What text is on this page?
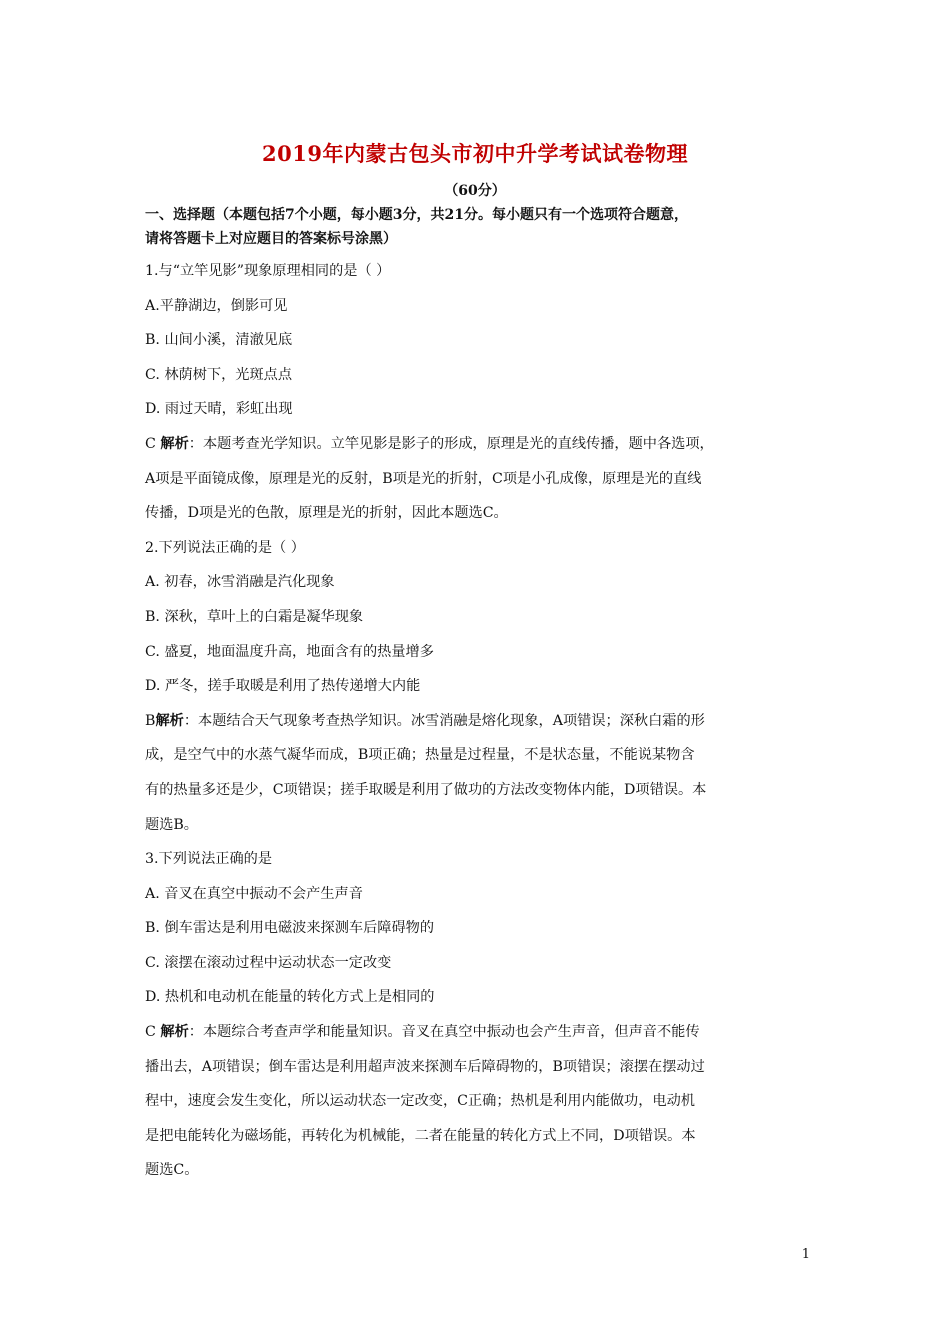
2019年内蒙古包头市初中升学考试试卷物理
（60分）
一、选择题（本题包括7个小题，每小题3分，共21分。每小题只有一个选项符合题意，
请将答题卡上对应题目的答案标号涂黑）
1.与“立竿见影”现象原理相同的是（ ）
A.平静湖边，倒影可见
B. 山间小溪，清澈见底
C. 林荫树下，光斑点点
D. 雨过天晴，彩虹出现
C 解析：本题考查光学知识。立竿见影是影子的形成，原理是光的直线传播，题中各选项，
A项是平面镜成像，原理是光的反射，B项是光的折射，C项是小孔成像，原理是光的直线
传播，D项是光的色散，原理是光的折射，因此本题选C。
2.下列说法正确的是（ ）
A. 初春，冰雪消融是汽化现象
B. 深秋，草叶上的白霜是凝华现象
C. 盛夏，地面温度升高，地面含有的热量增多
D. 严冬，搓手取暖是利用了热传递增大内能
B解析：本题结合天气现象考查热学知识。冰雪消融是熔化现象，A项错误；深秋白霜的形
成，是空气中的水蒸气凝华而成，B项正确；热量是过程量，不是状态量，不能说某物含
有的热量多还是少，C项错误；搓手取暖是利用了做功的方法改变物体内能，D项错误。本
题选B。
3.下列说法正确的是
A. 音叉在真空中振动不会产生声音
B. 倒车雷达是利用电磁波来探测车后障碍物的
C. 滚摆在滚动过程中运动状态一定改变
D. 热机和电动机在能量的转化方式上是相同的
C 解析：本题综合考查声学和能量知识。音叉在真空中振动也会产生声音，但声音不能传
播出去，A项错误；倒车雷达是利用超声波来探测车后障碍物的，B项错误；滚摆在摆动过
程中，速度会发生变化，所以运动状态一定改变，C正确；热机是利用内能做功，电动机
是把电能转化为磁场能，再转化为机械能，二者在能量的转化方式上不同，D项错误。本
题选C。
1
